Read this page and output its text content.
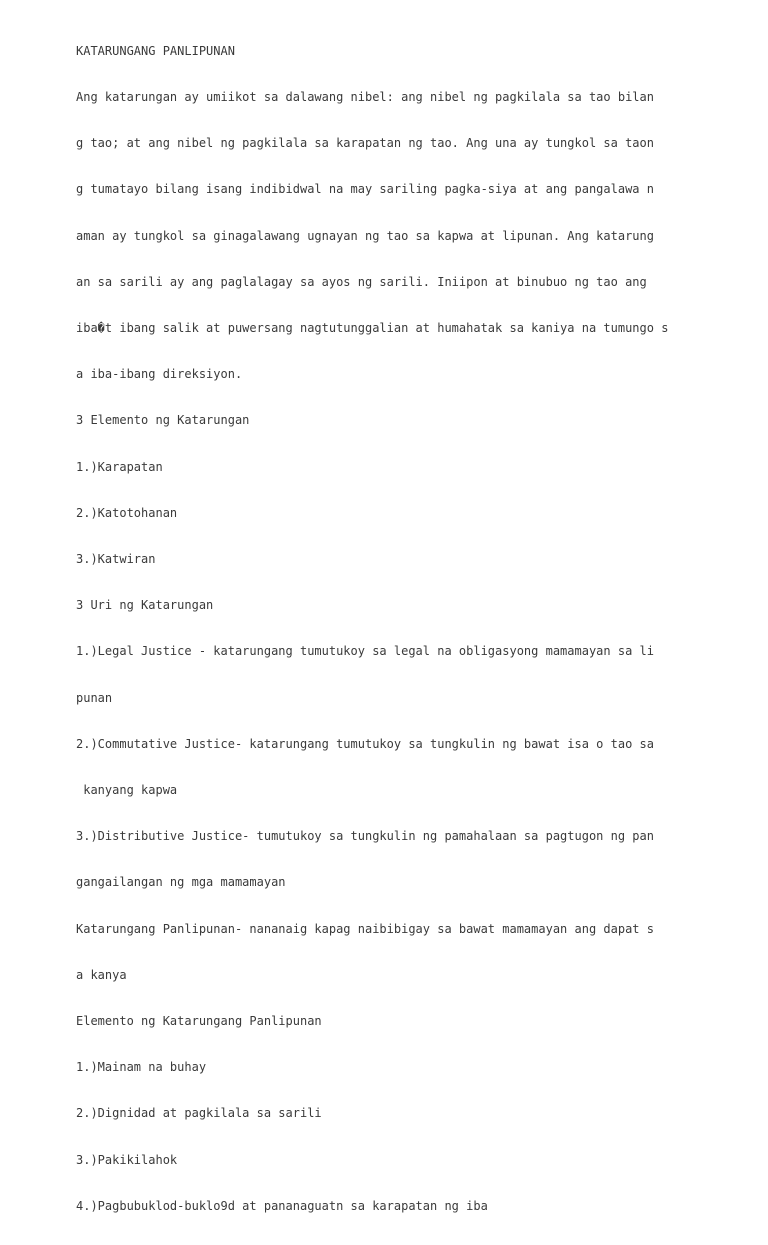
KATARUNGANG PANLIPUNAN

Ang katarungan ay umiikot sa dalawang nibel: ang nibel ng pagkilala sa tao bilan

g tao; at ang nibel ng pagkilala sa karapatan ng tao. Ang una ay tungkol sa taon

g tumatayo bilang isang indibidwal na may sariling pagka-siya at ang pangalawa n

aman ay tungkol sa ginagalawang ugnayan ng tao sa kapwa at lipunan. Ang katarung

an sa sarili ay ang paglalagay sa ayos ng sarili. Iniipon at binubuo ng tao ang

iba�t ibang salik at puwersang nagtutunggalian at humahatak sa kaniya na tumungo s

a iba-ibang direksiyon.

3 Elemento ng Katarungan

1.)Karapatan

2.)Katotohanan

3.)Katwiran

3 Uri ng Katarungan

1.)Legal Justice - katarungang tumutukoy sa legal na obligasyong mamamayan sa li

punan

2.)Commutative Justice- katarungang tumutukoy sa tungkulin ng bawat isa o tao sa

kanyang kapwa

3.)Distributive Justice- tumutukoy sa tungkulin ng pamahalaan sa pagtugon ng pan

gangailangan ng mga mamamayan

Katarungang Panlipunan- nananaig kapag naibibigay sa bawat mamamayan ang dapat s

a kanya

Elemento ng Katarungang Panlipunan

1.)Mainam na buhay

2.)Dignidad at pagkilala sa sarili

3.)Pakikilahok

4.)Pagbubuklod-buklo9d at pananaguatn sa karapatan ng iba
